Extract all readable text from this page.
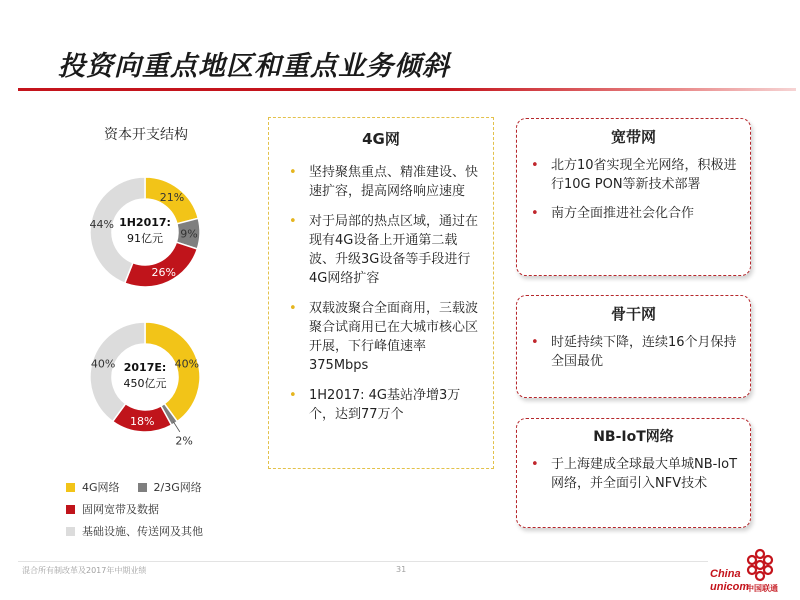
投资向重点地区和重点业务倾斜
资本开支结构
21%
9%
26%
44% 1H2017:
91亿元
40%
2%
18%
40% 2017E:
450亿元
4G网络	2/3G网络
固网宽带及数据
基础设施、传送网及其他
4G网
• 坚持聚焦重点、精准建设、快速扩容，提高网络响应速度
• 对于局部的热点区域，通过在现有4G设备上开通第二载波、升级3G设备等手段进行4G网络扩容
• 双载波聚合全面商用，三载波聚合试商用已在大城市核心区开展，下行峰值速率375Mbps
• 1H2017: 4G基站净增3万个，达到77万个
宽带网
• 北方10省实现全光网络，积极进行10G PON等新技术部署
• 南方全面推进社会化合作
骨干网
• 时延持续下降，连续16个月保持全国最优
NB-IoT网络
• 于上海建成全球最大单城NB-IoT网络，并全面引入NFV技术
混合所有制改革及2017年中期业绩	31	China
unicom
中国联通
